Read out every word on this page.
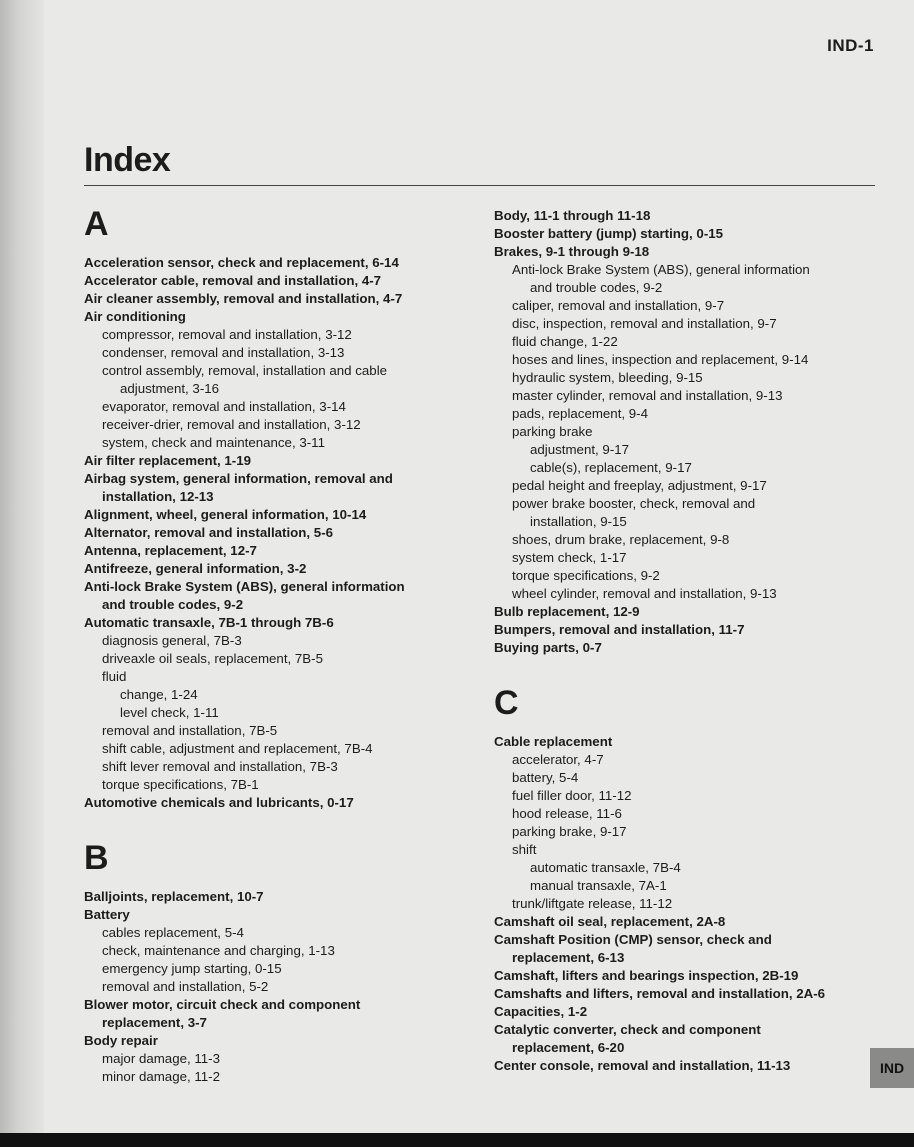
IND-1
Index
A
Acceleration sensor, check and replacement, 6-14
Accelerator cable, removal and installation, 4-7
Air cleaner assembly, removal and installation, 4-7
Air conditioning
compressor, removal and installation, 3-12
condenser, removal and installation, 3-13
control assembly, removal, installation and cable
adjustment, 3-16
evaporator, removal and installation, 3-14
receiver-drier, removal and installation, 3-12
system, check and maintenance, 3-11
Air filter replacement, 1-19
Airbag system, general information, removal and
installation, 12-13
Alignment, wheel, general information, 10-14
Alternator, removal and installation, 5-6
Antenna, replacement, 12-7
Antifreeze, general information, 3-2
Anti-lock Brake System (ABS), general information
and trouble codes, 9-2
Automatic transaxle, 7B-1 through 7B-6
diagnosis general, 7B-3
driveaxle oil seals, replacement, 7B-5
fluid
change, 1-24
level check, 1-11
removal and installation, 7B-5
shift cable, adjustment and replacement, 7B-4
shift lever removal and installation, 7B-3
torque specifications, 7B-1
Automotive chemicals and lubricants, 0-17
B
Balljoints, replacement, 10-7
Battery
cables replacement, 5-4
check, maintenance and charging, 1-13
emergency jump starting, 0-15
removal and installation, 5-2
Blower motor, circuit check and component
replacement, 3-7
Body repair
major damage, 11-3
minor damage, 11-2
Body, 11-1 through 11-18
Booster battery (jump) starting, 0-15
Brakes, 9-1 through 9-18
Anti-lock Brake System (ABS), general information
and trouble codes, 9-2
caliper, removal and installation, 9-7
disc, inspection, removal and installation, 9-7
fluid change, 1-22
hoses and lines, inspection and replacement, 9-14
hydraulic system, bleeding, 9-15
master cylinder, removal and installation, 9-13
pads, replacement, 9-4
parking brake
adjustment, 9-17
cable(s), replacement, 9-17
pedal height and freeplay, adjustment, 9-17
power brake booster, check, removal and
installation, 9-15
shoes, drum brake, replacement, 9-8
system check, 1-17
torque specifications, 9-2
wheel cylinder, removal and installation, 9-13
Bulb replacement, 12-9
Bumpers, removal and installation, 11-7
Buying parts, 0-7
C
Cable replacement
accelerator, 4-7
battery, 5-4
fuel filler door, 11-12
hood release, 11-6
parking brake, 9-17
shift
automatic transaxle, 7B-4
manual transaxle, 7A-1
trunk/liftgate release, 11-12
Camshaft oil seal, replacement, 2A-8
Camshaft Position (CMP) sensor, check and
replacement, 6-13
Camshaft, lifters and bearings inspection, 2B-19
Camshafts and lifters, removal and installation, 2A-6
Capacities, 1-2
Catalytic converter, check and component
replacement, 6-20
Center console, removal and installation, 11-13	IND
